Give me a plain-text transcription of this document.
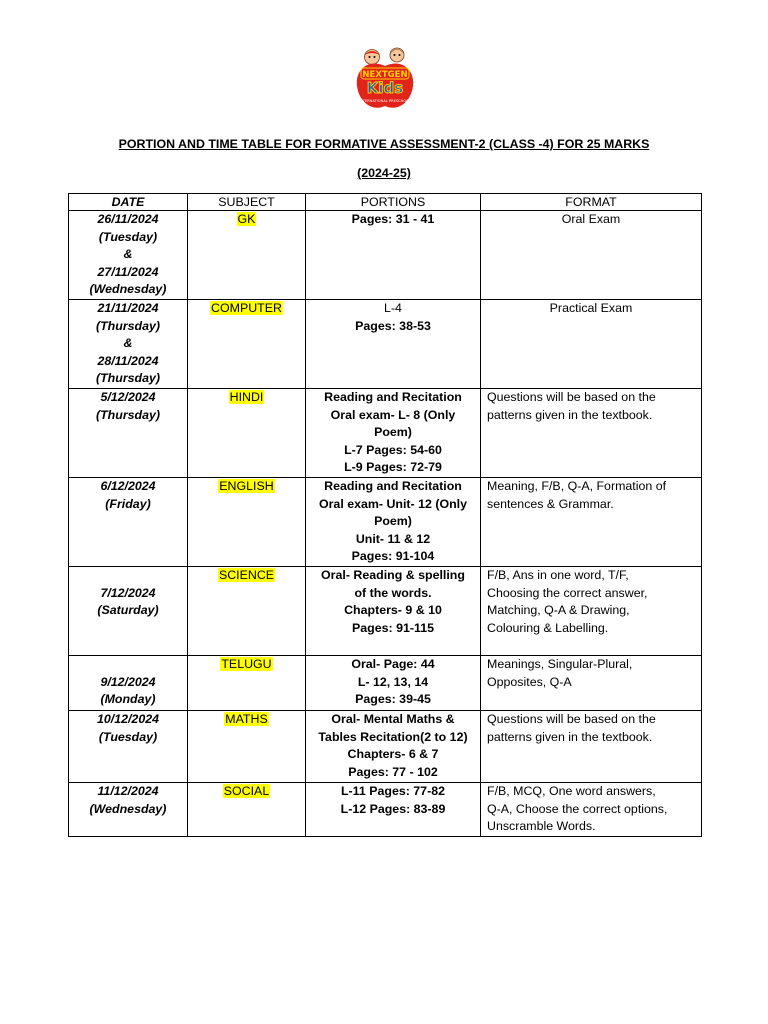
NEXTGEN
Kids
INTERNATIONAL PRESCHOOL
PORTION AND TIME TABLE FOR FORMATIVE ASSESSMENT-2 (CLASS -4) FOR 25 MARKS
(2024-25)
DATE	SUBJECT	PORTIONS	FORMAT

26/11/2024
(Tuesday)
&
27/11/2024
(Wednesday)	GK	Pages: 31 - 41	Oral Exam

21/11/2024
(Thursday)
&
28/11/2024
(Thursday)	COMPUTER	L-4
Pages: 38-53	Practical Exam

5/12/2024
(Thursday)	HINDI	Reading and Recitation
Oral exam- L- 8 (Only
Poem)
L-7 Pages: 54-60
L-9 Pages: 72-79	Questions will be based on the
patterns given in the textbook.

6/12/2024
(Friday)	ENGLISH	Reading and Recitation
Oral exam- Unit- 12 (Only
Poem)
Unit- 11 & 12
Pages: 91-104	Meaning, F/B, Q-A, Formation of
sentences & Grammar.

7/12/2024
(Saturday)	SCIENCE	Oral- Reading & spelling
of the words.
Chapters- 9 & 10
Pages: 91-115	F/B, Ans in one word, T/F,
Choosing the correct answer,
Matching, Q-A & Drawing,
Colouring & Labelling.

9/12/2024
(Monday)	TELUGU	Oral- Page: 44
L- 12, 13, 14
Pages: 39-45	Meanings, Singular-Plural,
Opposites, Q-A

10/12/2024
(Tuesday)	MATHS	Oral- Mental Maths &
Tables Recitation(2 to 12)
Chapters- 6 & 7
Pages: 77 - 102	Questions will be based on the
patterns given in the textbook.

11/12/2024
(Wednesday)	SOCIAL	L-11 Pages: 77-82
L-12 Pages: 83-89	F/B, MCQ, One word answers,
Q-A, Choose the correct options,
Unscramble Words.
